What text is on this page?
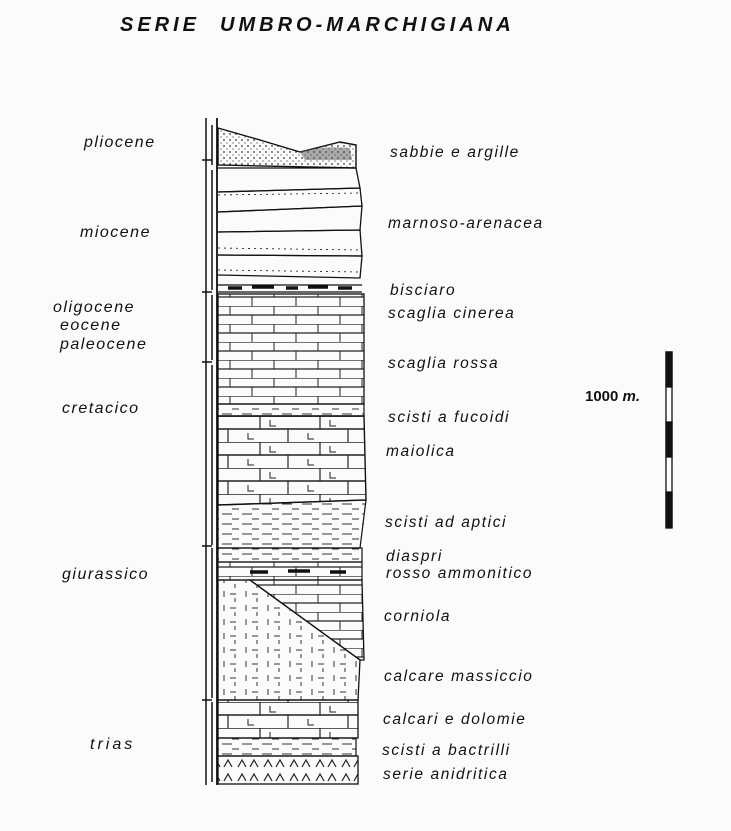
SERIE UMBRO-MARCHIGIANA
pliocene
miocene
oligocene
eocene
paleocene
cretacico
giurassico
trias
sabbie e argille
marnoso-arenacea
bisciaro
scaglia cinerea
scaglia rossa
scisti a fucoidi
maiolica
scisti ad aptici
diaspri
rosso ammonitico
corniola
calcare massiccio
calcari e dolomie
scisti a bactrilli
serie anidritica
1000 m.
